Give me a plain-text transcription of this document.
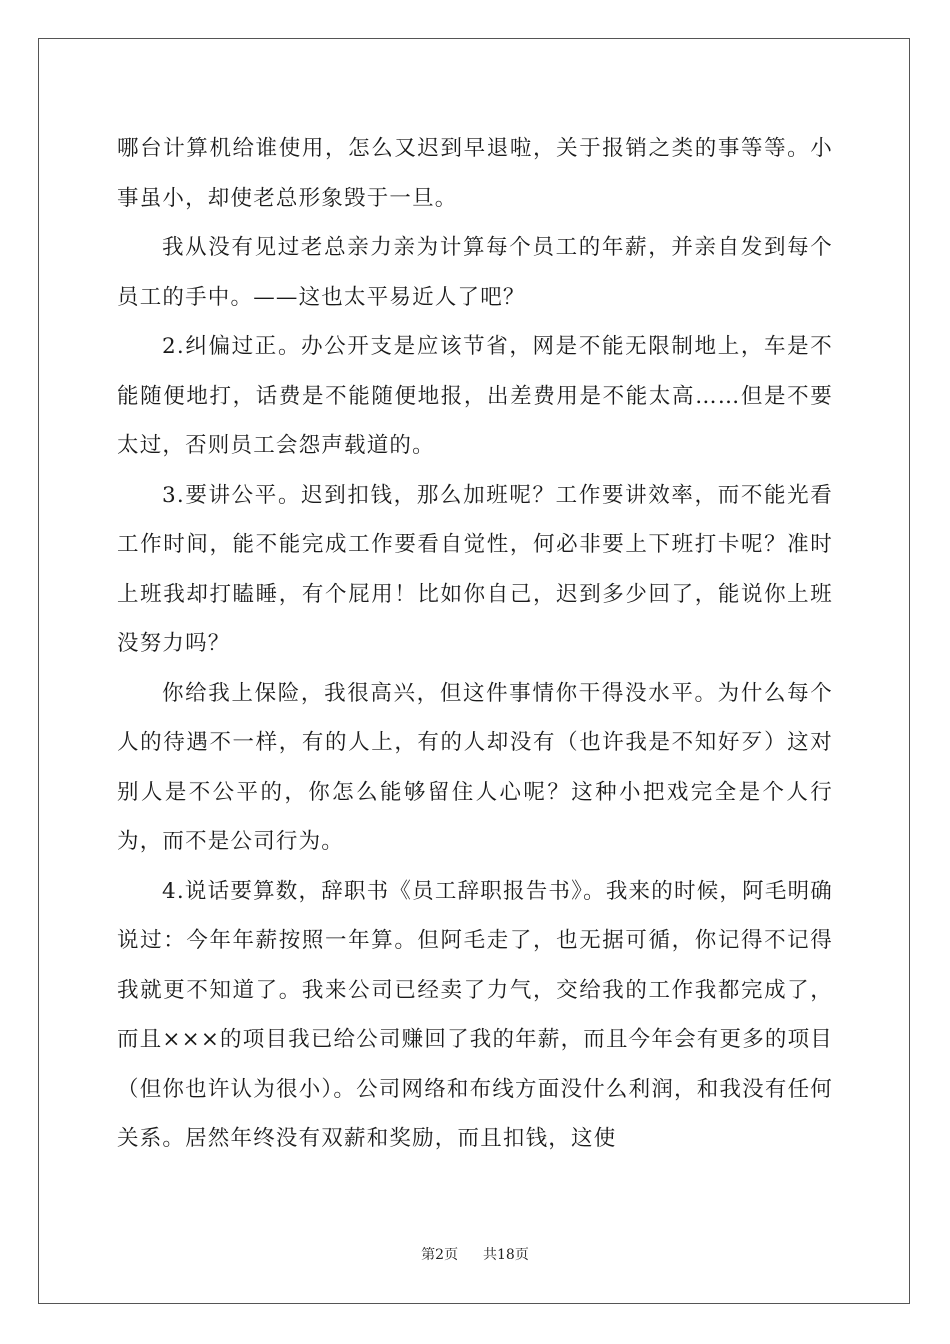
哪台计算机给谁使用，怎么又迟到早退啦，关于报销之类的事等等。小事虽小，却使老总形象毁于一旦。

我从没有见过老总亲力亲为计算每个员工的年薪，并亲自发到每个员工的手中。——这也太平易近人了吧？

2.纠偏过正。办公开支是应该节省，网是不能无限制地上，车是不能随便地打，话费是不能随便地报，出差费用是不能太高……但是不要太过，否则员工会怨声载道的。

3.要讲公平。迟到扣钱，那么加班呢？工作要讲效率，而不能光看工作时间，能不能完成工作要看自觉性，何必非要上下班打卡呢？准时上班我却打瞌睡，有个屁用！比如你自己，迟到多少回了，能说你上班没努力吗？

你给我上保险，我很高兴，但这件事情你干得没水平。为什么每个人的待遇不一样，有的人上，有的人却没有（也许我是不知好歹）这对别人是不公平的，你怎么能够留住人心呢？这种小把戏完全是个人行为，而不是公司行为。

4.说话要算数，辞职书《员工辞职报告书》。我来的时候，阿毛明确说过：今年年薪按照一年算。但阿毛走了，也无据可循，你记得不记得我就更不知道了。我来公司已经卖了力气，交给我的工作我都完成了，而且×××的项目我已给公司赚回了我的年薪，而且今年会有更多的项目（但你也许认为很小）。公司网络和布线方面没什么利润，和我没有任何关系。居然年终没有双薪和奖励，而且扣钱，这使

第2页 共18页
